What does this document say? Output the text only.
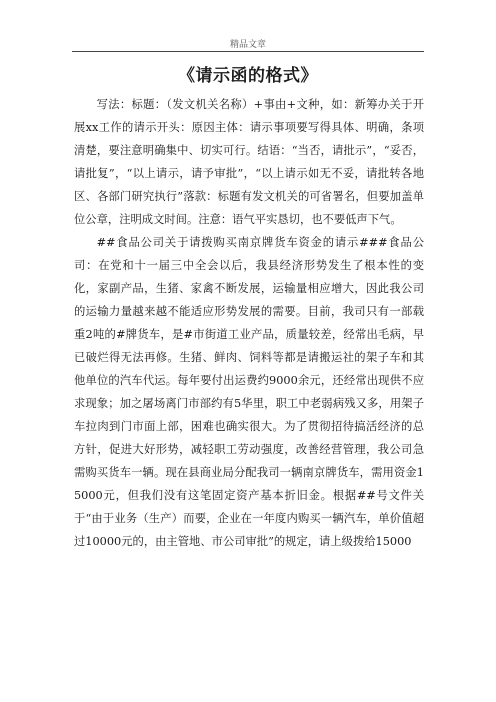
精品文章
《请示函的格式》

写法：标题：（发文机关名称）+事由+文种，如：新筹办关于开展xx工作的请示开头：原因主体：请示事项要写得具体、明确，条项清楚，要注意明确集中、切实可行。结语：“当否，请批示”，“妥否，请批复”，“以上请示，请予审批”，“以上请示如无不妥，请批转各地区、各部门研究执行”落款：标题有发文机关的可省署名，但要加盖单位公章，注明成文时间。注意：语气平实恳切，也不要低声下气。

##食品公司关于请拨购买南京牌货车资金的请示###食品公司：在党和十一届三中全会以后，我县经济形势发生了根本性的变化，家副产品，生猪、家禽不断发展，运输量相应增大，因此我公司的运输力量越来越不能适应形势发展的需要。目前，我司只有一部载重2吨的#牌货车，是#市街道工业产品，质量较差，经常出毛病，早已破烂得无法再修。生猪、鲜肉、饲料等都是请搬运社的架子车和其他单位的汽车代运。每年要付出运费约9000余元，还经常出现供不应求现象；加之屠场离门市部约有5华里，职工中老弱病残又多，用架子车拉肉到门市面上部，困难也确实很大。为了贯彻招待搞活经济的总方针，促进大好形势，减轻职工劳动强度，改善经营管理，我公司急需购买货车一辆。现在县商业局分配我司一辆南京牌货车，需用资金15000元，但我们没有这笔固定资产基本折旧金。根据##号文件关于“由于业务（生产）而要，企业在一年度内购买一辆汽车，单价值超过10000元的，由主管地、市公司审批”的规定，请上级拨给15000
